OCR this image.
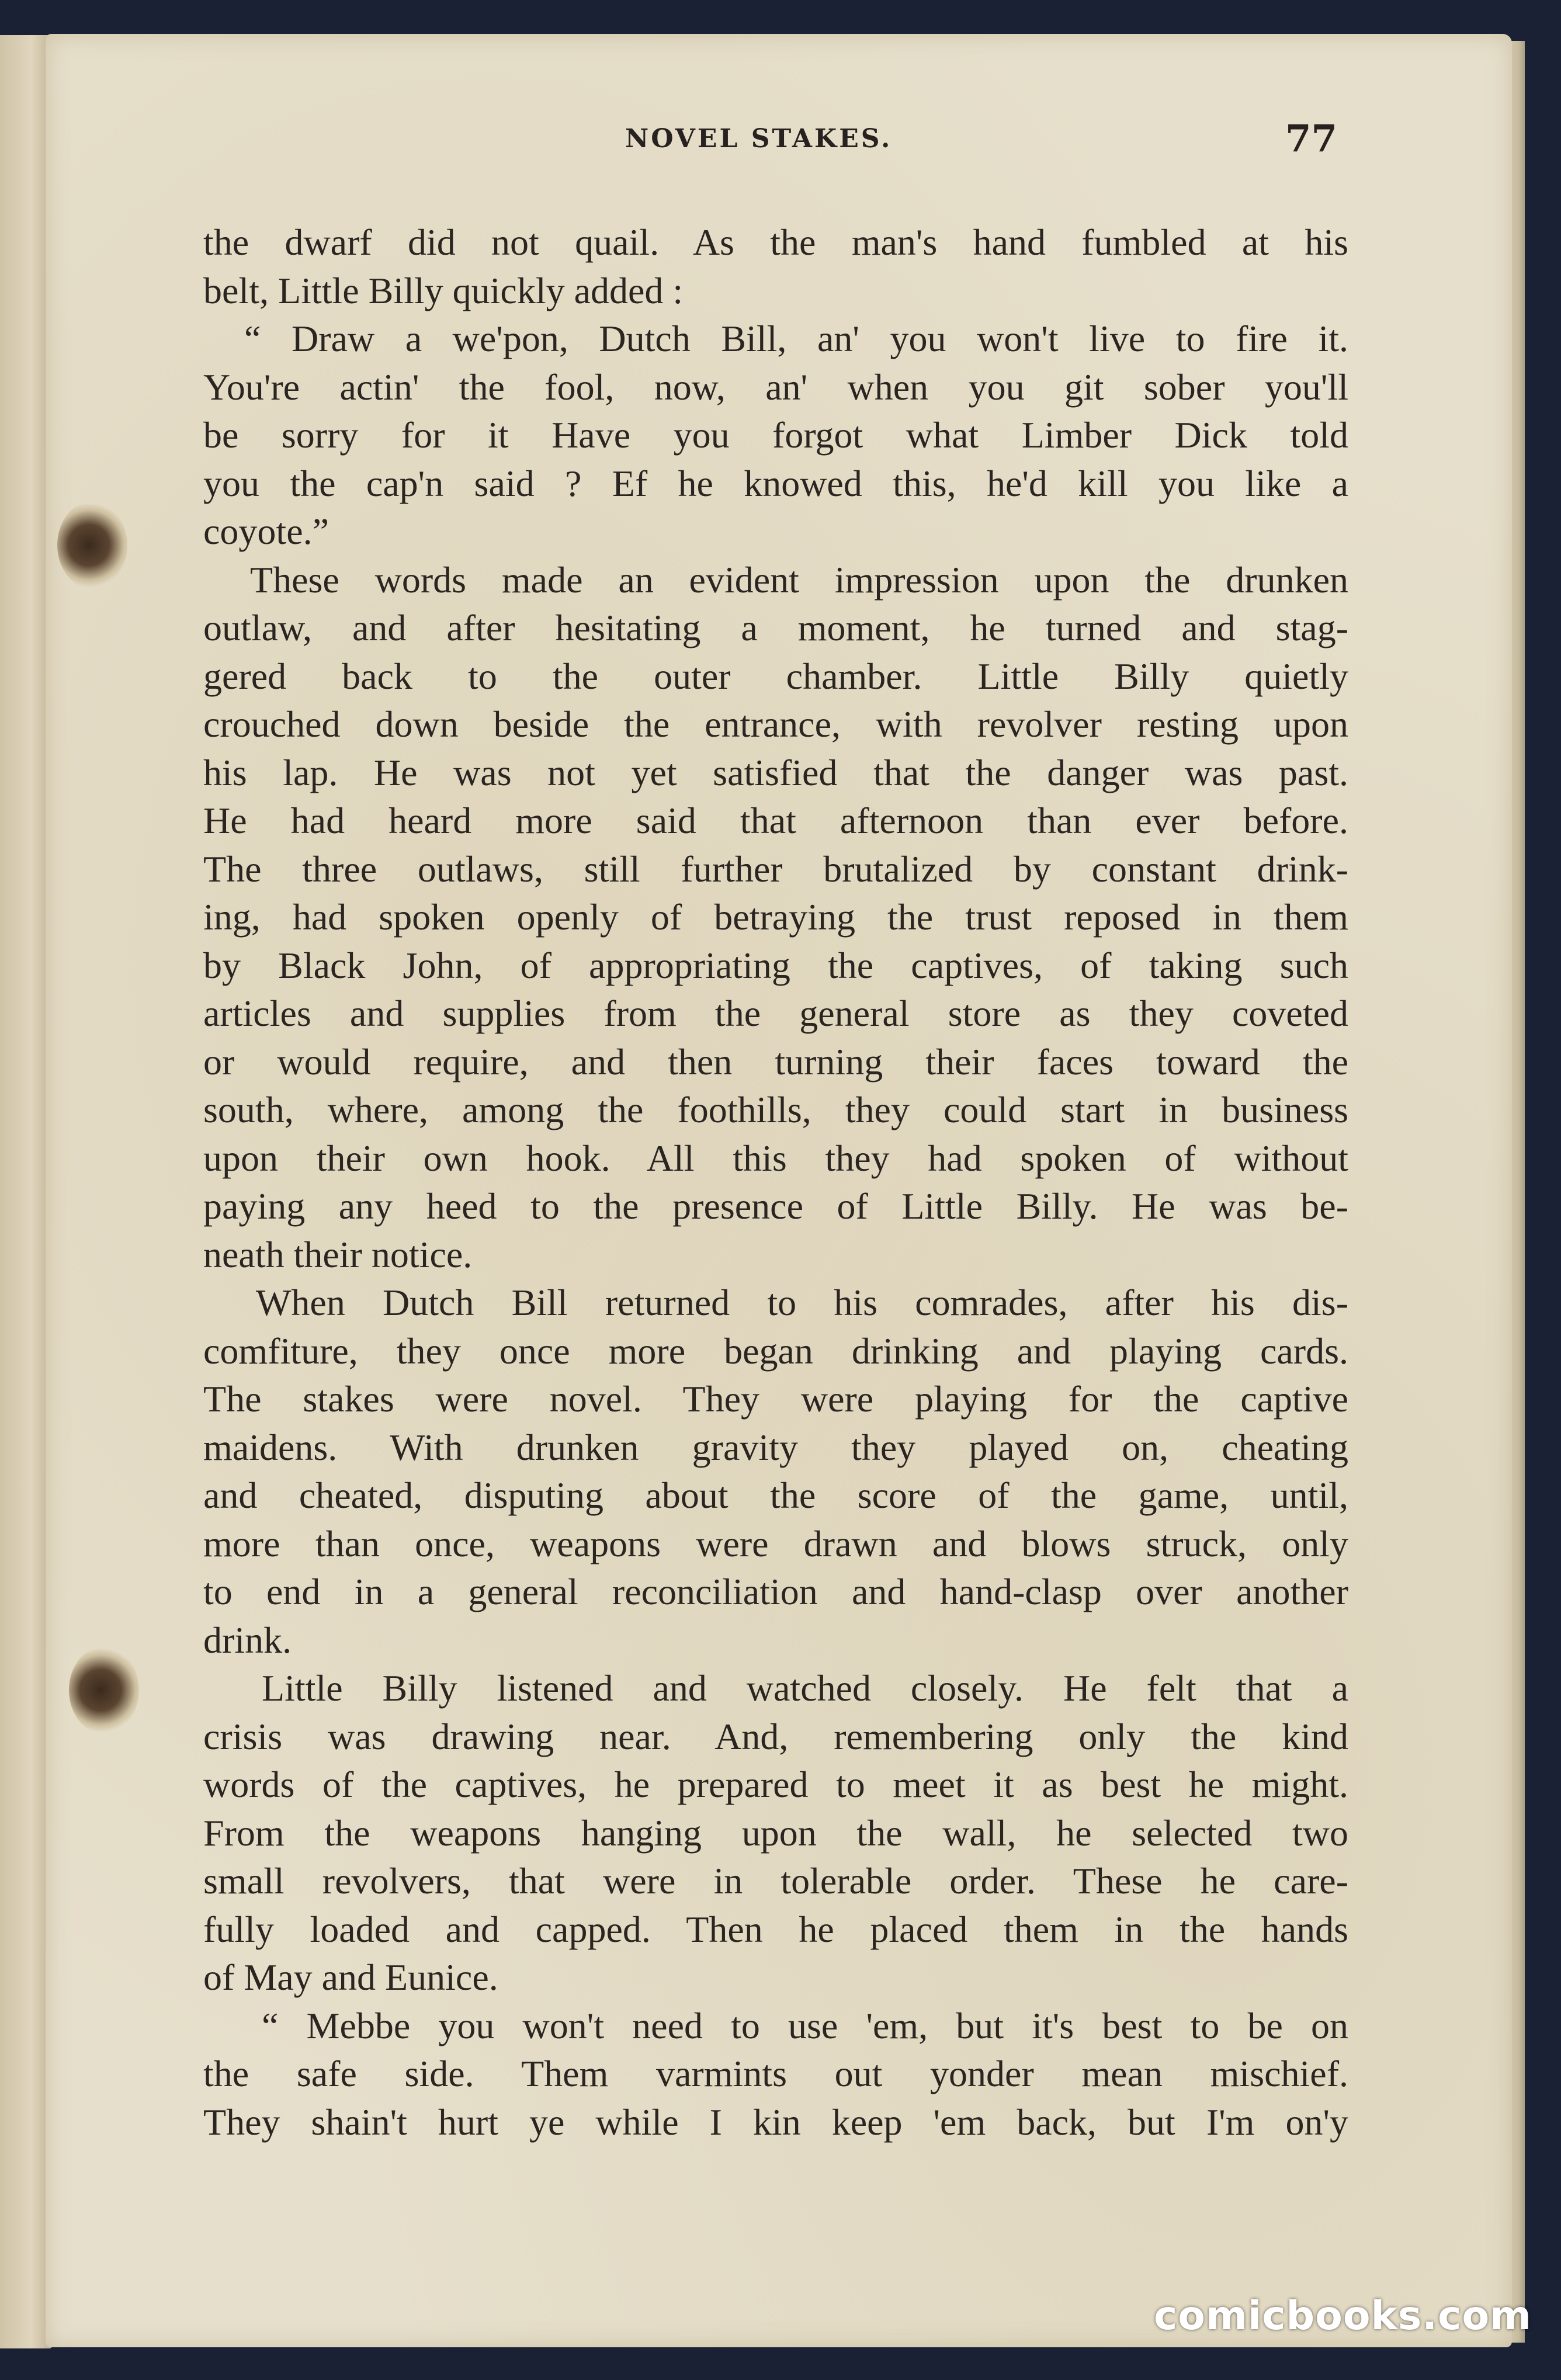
NOVEL STAKES.	77
the dwarf did not quail. As the man's hand fumbled at his
belt, Little Billy quickly added :
“ Draw a we'pon, Dutch Bill, an' you won't live to fire it.
You're actin' the fool, now, an' when you git sober you'll
be sorry for it Have you forgot what Limber Dick told
you the cap'n said ? Ef he knowed this, he'd kill you like a
coyote.”
These words made an evident impression upon the drunken
outlaw, and after hesitating a moment, he turned and stag-
gered back to the outer chamber. Little Billy quietly
crouched down beside the entrance, with revolver resting upon
his lap. He was not yet satisfied that the danger was past.
He had heard more said that afternoon than ever before.
The three outlaws, still further brutalized by constant drink-
ing, had spoken openly of betraying the trust reposed in them
by Black John, of appropriating the captives, of taking such
articles and supplies from the general store as they coveted
or would require, and then turning their faces toward the
south, where, among the foothills, they could start in business
upon their own hook. All this they had spoken of without
paying any heed to the presence of Little Billy. He was be-
neath their notice.
When Dutch Bill returned to his comrades, after his dis-
comfiture, they once more began drinking and playing cards.
The stakes were novel. They were playing for the captive
maidens. With drunken gravity they played on, cheating
and cheated, disputing about the score of the game, until,
more than once, weapons were drawn and blows struck, only
to end in a general reconciliation and hand-clasp over another
drink.
Little Billy listened and watched closely. He felt that a
crisis was drawing near. And, remembering only the kind
words of the captives, he prepared to meet it as best he might.
From the weapons hanging upon the wall, he selected two
small revolvers, that were in tolerable order. These he care-
fully loaded and capped. Then he placed them in the hands
of May and Eunice.
“ Mebbe you won't need to use 'em, but it's best to be on
the safe side. Them varmints out yonder mean mischief.
They shain't hurt ye while I kin keep 'em back, but I'm on'y
comicbooks.com
